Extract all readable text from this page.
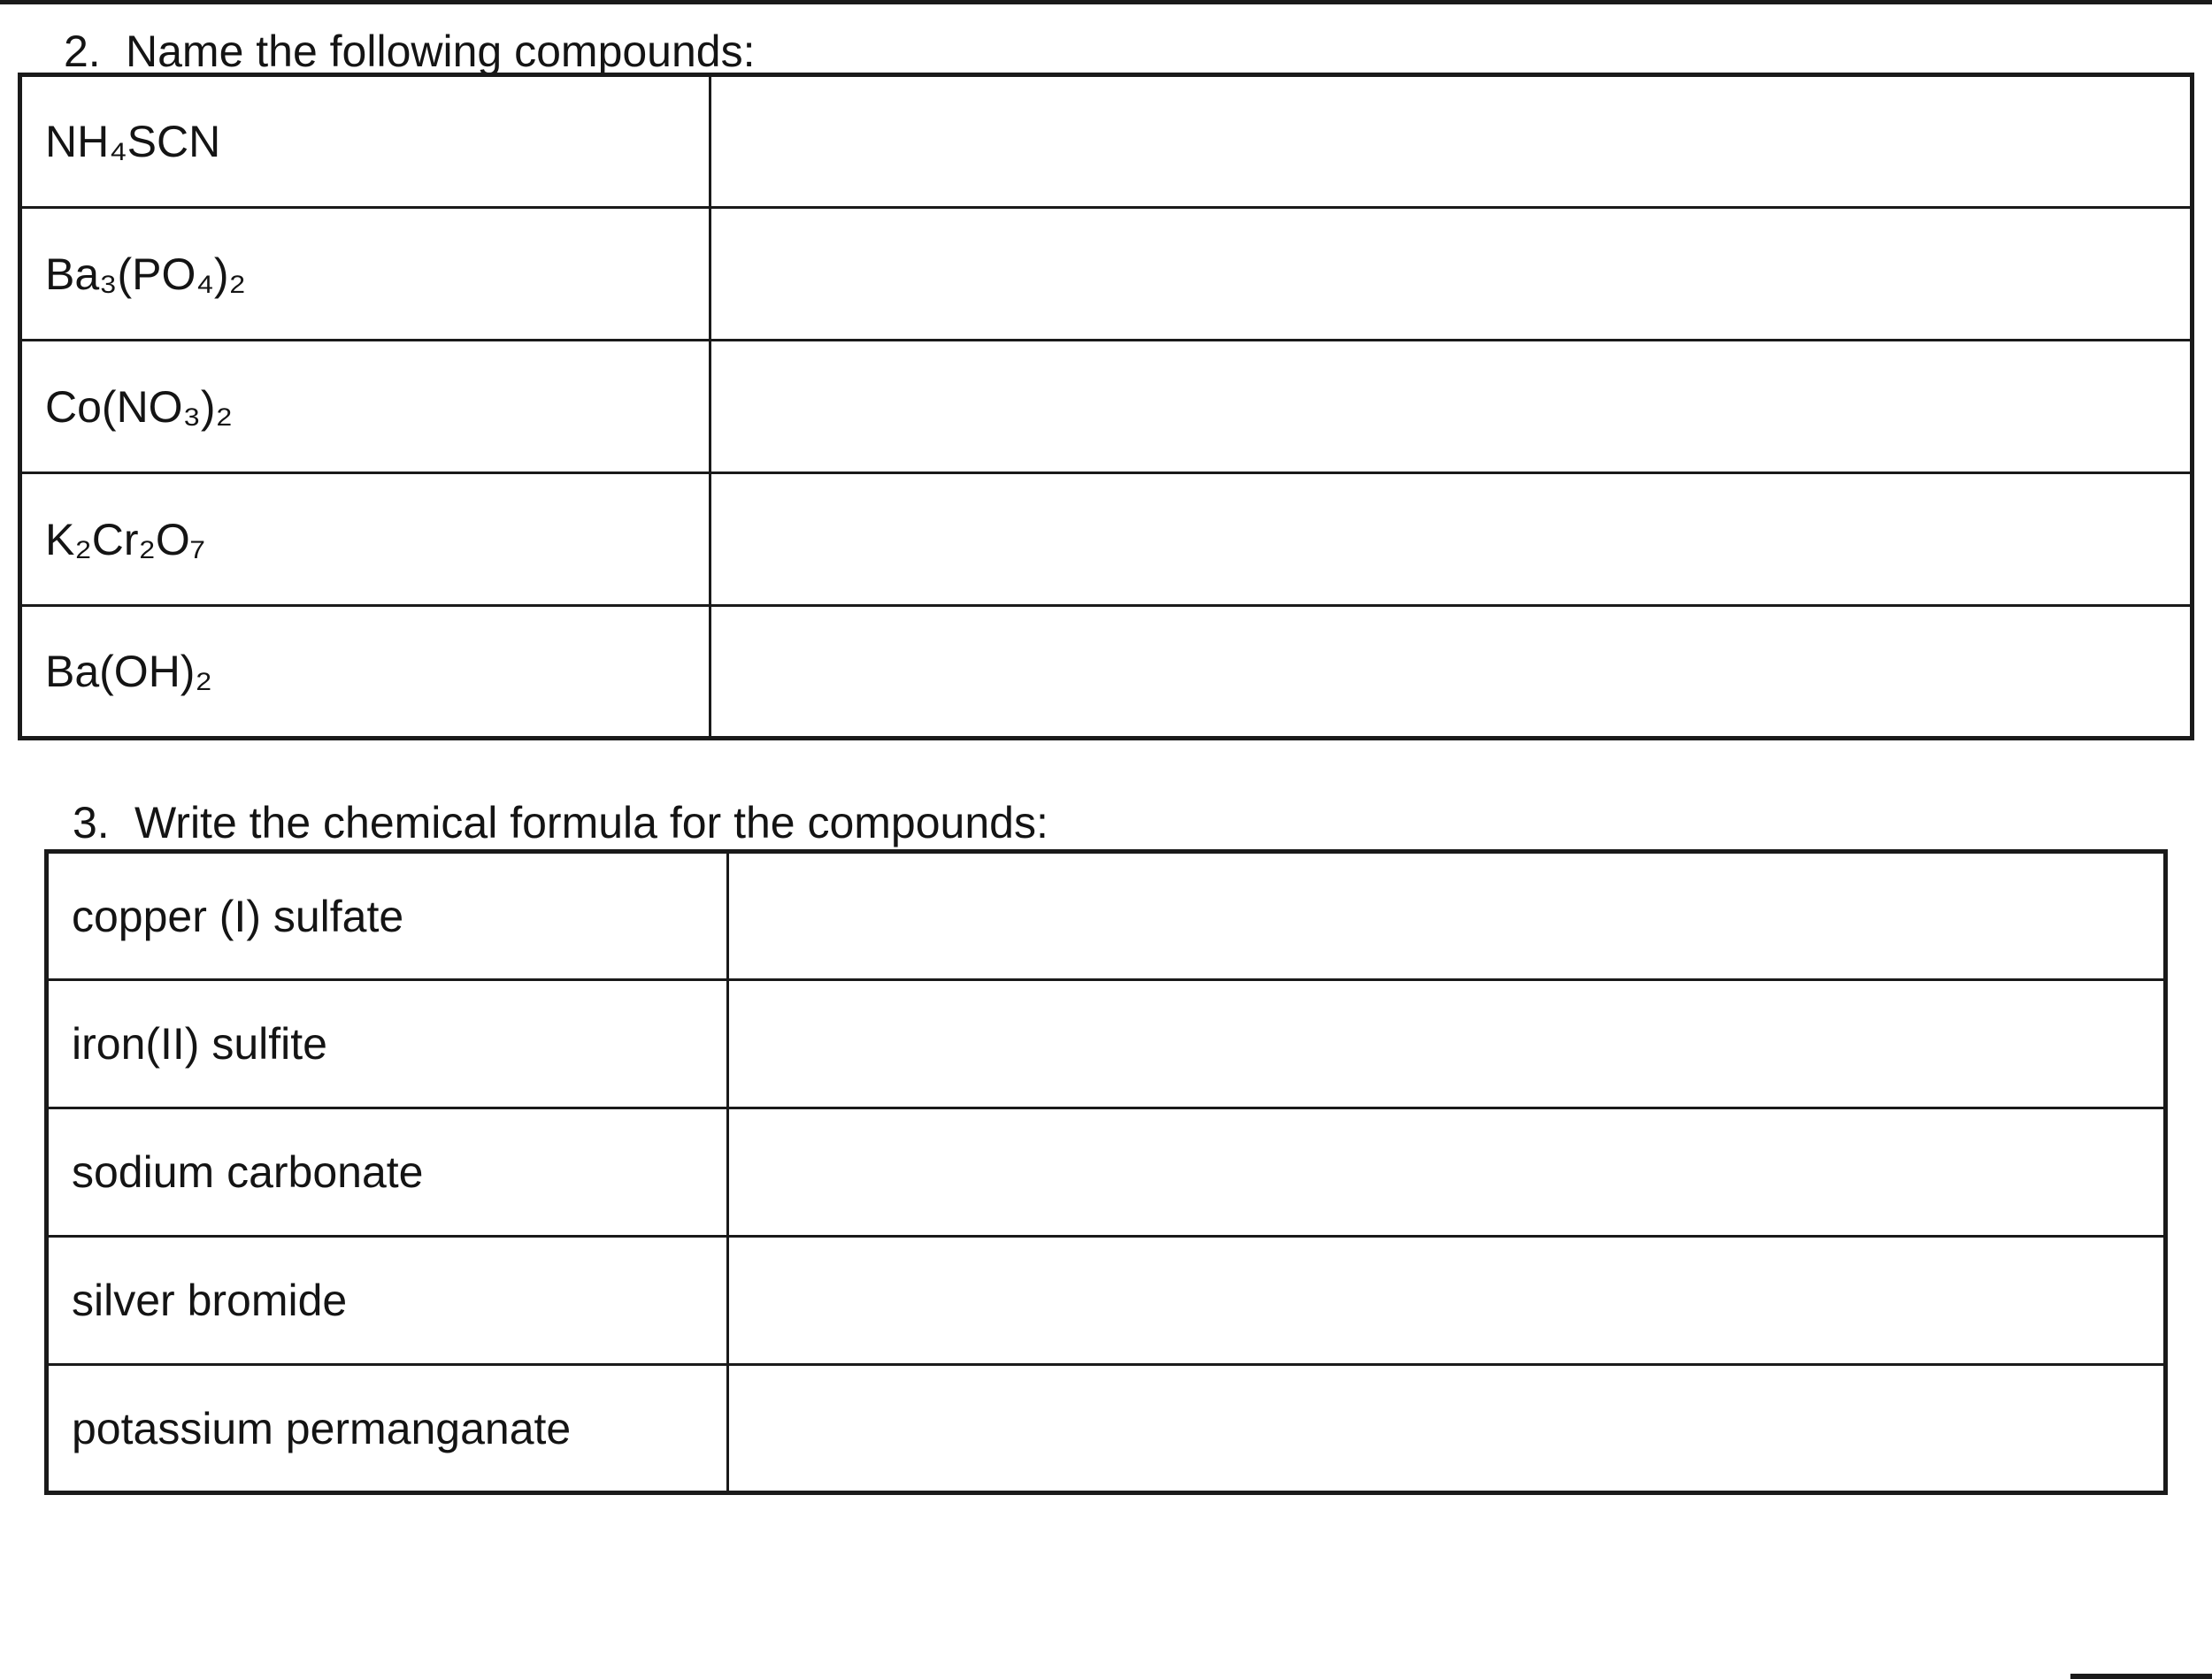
2. Name the following compounds:
NH₄SCN	
Ba₃(PO₄)₂	
Co(NO₃)₂	
K₂Cr₂O₇	
Ba(OH)₂	
3. Write the chemical formula for the compounds:
copper (I) sulfate	
iron(II) sulfite	
sodium carbonate	
silver bromide	
potassium permanganate	
